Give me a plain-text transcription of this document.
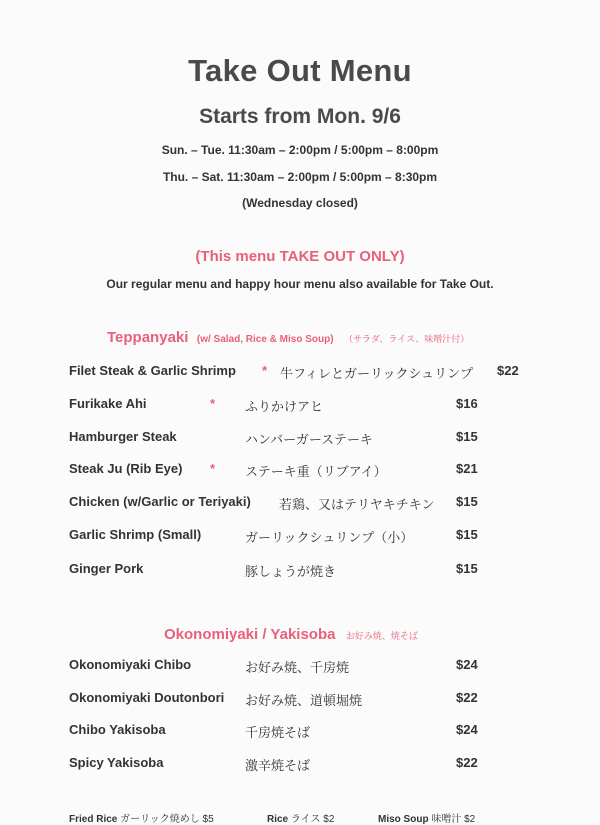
Take Out Menu
Starts from Mon. 9/6
Sun. – Tue. 11:30am – 2:00pm / 5:00pm – 8:00pm
Thu. – Sat. 11:30am – 2:00pm / 5:00pm – 8:30pm
(Wednesday closed)
(This menu TAKE OUT ONLY)
Our regular menu and happy hour menu also available for Take Out.
Teppanyaki (w/ Salad, Rice & Miso Soup) （サラダ、ライス、味噌汁付）
Filet Steak & Garlic Shrimp * 牛フィレとガーリックシュリンプ $22
Furikake Ahi	* ふりかけアヒ	$16
Hamburger Steak	ハンバーガーステーキ	$15
Steak Ju (Rib Eye) * ステーキ重（リブアイ）	$21
Chicken (w/Garlic or Teriyaki) 若鶏、又はテリヤキチキン $15
Garlic Shrimp (Small)	ガーリックシュリンプ（小）	$15
Ginger Pork	豚しょうが焼き	$15
Okonomiyaki / Yakisoba お好み焼、焼そば
Okonomiyaki Chibo	お好み焼、千房焼	$24
Okonomiyaki Doutonbori お好み焼、道頓堀焼	$22
Chibo Yakisoba	千房焼そば	$24
Spicy Yakisoba	激辛焼そば	$22
Fried Rice ガーリック焼めし $5	Rice ライス $2	Miso Soup 味噌汁 $2
